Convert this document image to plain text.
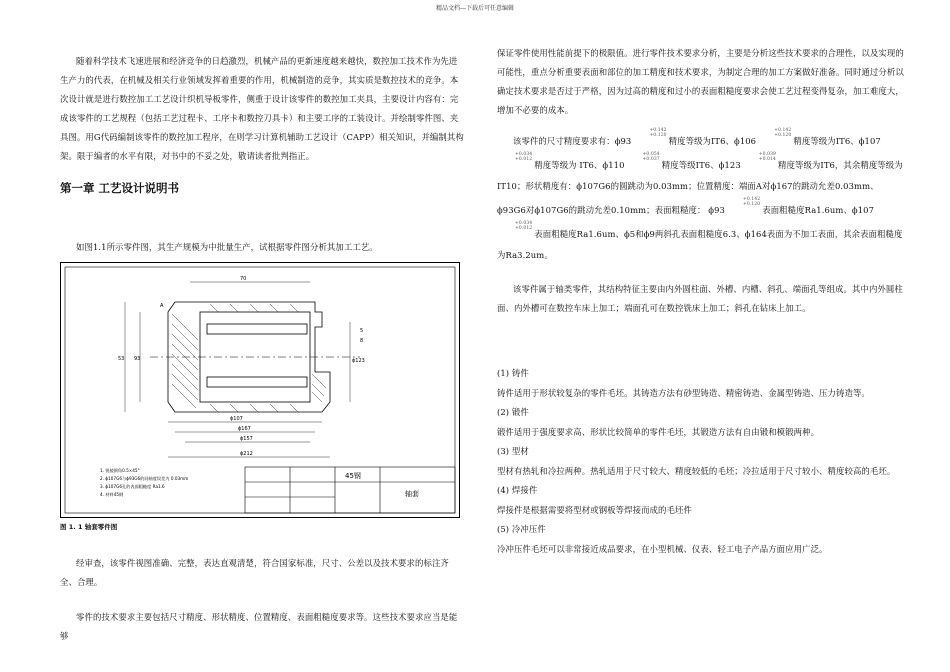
精品文档---下载后可任意编辑

随着科学技术飞速进展和经济竞争的日趋激烈，机械产品的更新速度越来越快，数控加工技术作为先进生产力的代表，在机械及相关行业领域发挥着重要的作用，机械制造的竞争，其实质是数控技术的竞争。本次设计就是进行数控加工工艺设计织机导板零件，侧重于设计该零件的数控加工夹具，主要设计内容有：完成该零件的工艺规程（包括工艺过程卡、工序卡和数控刀具卡）和主要工序的工装设计。并绘制零件图、夹具图。用G代码编制该零件的数控加工程序，在则学习计算机辅助工艺设计（CAPP）相关知识，并编制其构架。限于编者的水平有限，对书中的不妥之处，敬请读者批判指正。

第一章 工艺设计说明书

如图1.1所示零件图，其生产规模为中批量生产，试根据零件图分析其加工工艺。

ϕ107
ϕ167
ϕ157
ϕ212
53 93	ϕ123
70
5
8
A
1. 锐棱倒角0.5×45°
2. ϕ107G6与ϕ93G6的同轴度误差为 0.03mm
3. ϕ107G6孔的表面粗糙度 Ra1.6
4. 材料45钢
45钢
轴套
图 1. 1 轴套零件图

经审查，该零件视图准确、完整，表达直观清楚，符合国家标准，尺寸、公差以及技术要求的标注齐全、合理。

零件的技术要求主要包括尺寸精度、形状精度、位置精度、表面粗糙度要求等。这些技术要求应当是能够

保证零件使用性能前提下的极限值。进行零件技术要求分析，主要是分析这些技术要求的合理性，以及实现的可能性，重点分析重要表面和部位的加工精度和技术要求，为制定合理的加工方案做好准备。同时通过分析以确定技术要求是否过于严格，因为过高的精度和过小的表面粗糙度要求会使工艺过程变得复杂，加工难度大，增加不必要的成本。

该零件的尺寸精度要求有：ϕ93
+0.142
+0.120
精度等级为IT6、ϕ106
+0.142
+0.120
精度等级为IT6、ϕ107
+0.034
+0.012
精度等级为 IT6、ϕ110
+0.054
+0.037
精度等级IT6、ϕ123
+0.039
+0.014
精度等级为IT6，其余精度等级为IT10；形状精度有：ϕ107G6的圆跳动为0.03mm；位置精度：端面A对ϕ167的跳动允差0.03mm、ϕ93G6对ϕ107G6的跳动允差0.10mm；表面粗糙度： ϕ93
+0.142
+0.120
表面粗糙度Ra1.6um、ϕ107
+0.034
+0.012
表面粗糙度Ra1.6um、ϕ5和ϕ9两斜孔表面粗糙度6.3、ϕ164表面为不加工表面，其余表面粗糙度为Ra3.2um。

该零件属于轴类零件，其结构特征主要由内外圆柱面、外槽、内槽、斜孔、端面孔等组成。其中内外圆柱面、内外槽可在数控车床上加工；端面孔可在数控铣床上加工；斜孔在钻床上加工。

(1) 铸件

铸件适用于形状较复杂的零件毛坯。其铸造方法有砂型铸造、精密铸造、金属型铸造、压力铸造等。

(2) 锻件

锻件适用于强度要求高、形状比较简单的零件毛坯，其锻造方法有自由锻和模锻两种。

(3) 型材

型材有热轧和冷拉两种。热轧适用于尺寸较大、精度较低的毛坯；冷拉适用于尺寸较小、精度较高的毛坯。

(4) 焊接件

焊接件是根据需要将型材或钢板等焊接而成的毛坯件

(5) 冷冲压件

冷冲压件毛坯可以非常接近成品要求，在小型机械、仪表、轻工电子产品方面应用广泛。
